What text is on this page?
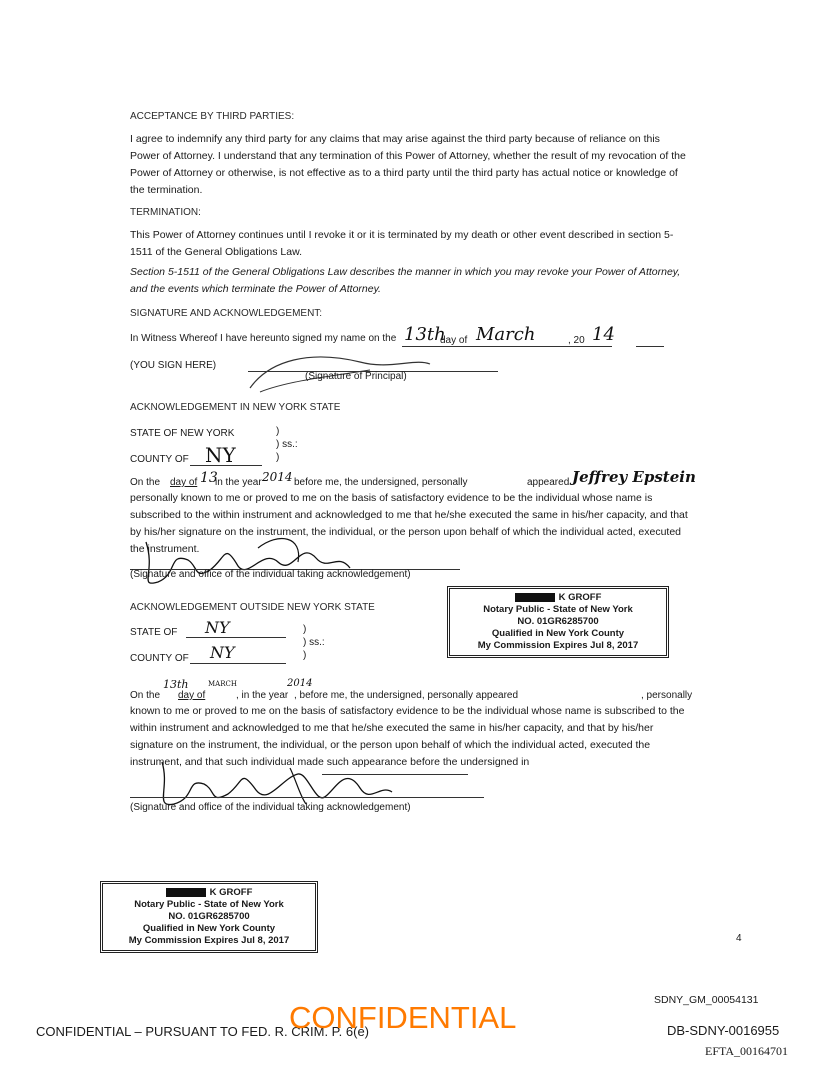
ACCEPTANCE BY THIRD PARTIES:
I agree to indemnify any third party for any claims that may arise against the third party because of reliance on this Power of Attorney. I understand that any termination of this Power of Attorney, whether the result of my revocation of the Power of Attorney or otherwise, is not effective as to a third party until the third party has actual notice or knowledge of the termination.
TERMINATION:
This Power of Attorney continues until I revoke it or it is terminated by my death or other event described in section 5-1511 of the General Obligations Law.
Section 5-1511 of the General Obligations Law describes the manner in which you may revoke your Power of Attorney, and the events which terminate the Power of Attorney.
SIGNATURE AND ACKNOWLEDGEMENT:
In Witness Whereof I have hereunto signed my name on the 13th
day of March	, 20 14
(YOU SIGN HERE)
(Signature of Principal)
ACKNOWLEDGEMENT IN NEW YORK STATE
STATE OF NEW YORK	)
) ss.:
)
COUNTY OF NY
On the day of 13
in the year 2014 before me, the undersigned, personally	appeared Jeffrey Epstein
personally known to me or proved to me on the basis of satisfactory evidence to be the individual whose name is subscribed to the within instrument and acknowledged to me that he/she executed the same in his/her capacity, and that by his/her signature on the instrument, the individual, or the person upon behalf of which the individual acted, executed the instrument.
(Signature and office of the individual taking acknowledgement)
K GROFF
Notary Public - State of New York
NO. 01GR6285700
Qualified in New York County
My Commission Expires Jul 8, 2017
ACKNOWLEDGEMENT OUTSIDE NEW YORK STATE
STATE OF NY	)
) ss.:
)
COUNTY OF NY
On the
13th
day of
MARCH
, in the year
2014
, before me, the undersigned, personally appeared	, personally
known to me or proved to me on the basis of satisfactory evidence to be the individual whose name is subscribed to the within instrument and acknowledged to me that he/she executed the same in his/her capacity, and that by his/her signature on the instrument, the individual, or the person upon behalf of which the individual acted, executed the instrument, and that such individual made such appearance before the undersigned in
(Signature and office of the individual taking acknowledgement)
K GROFF
Notary Public - State of New York
NO. 01GR6285700
Qualified in New York County
My Commission Expires Jul 8, 2017	4
SDNY_GM_00054131
CONFIDENTIAL – PURSUANT TO FED. R. CRIM. P. 6(e)
CONFIDENTIAL	DB-SDNY-0016955
EFTA_00164701
